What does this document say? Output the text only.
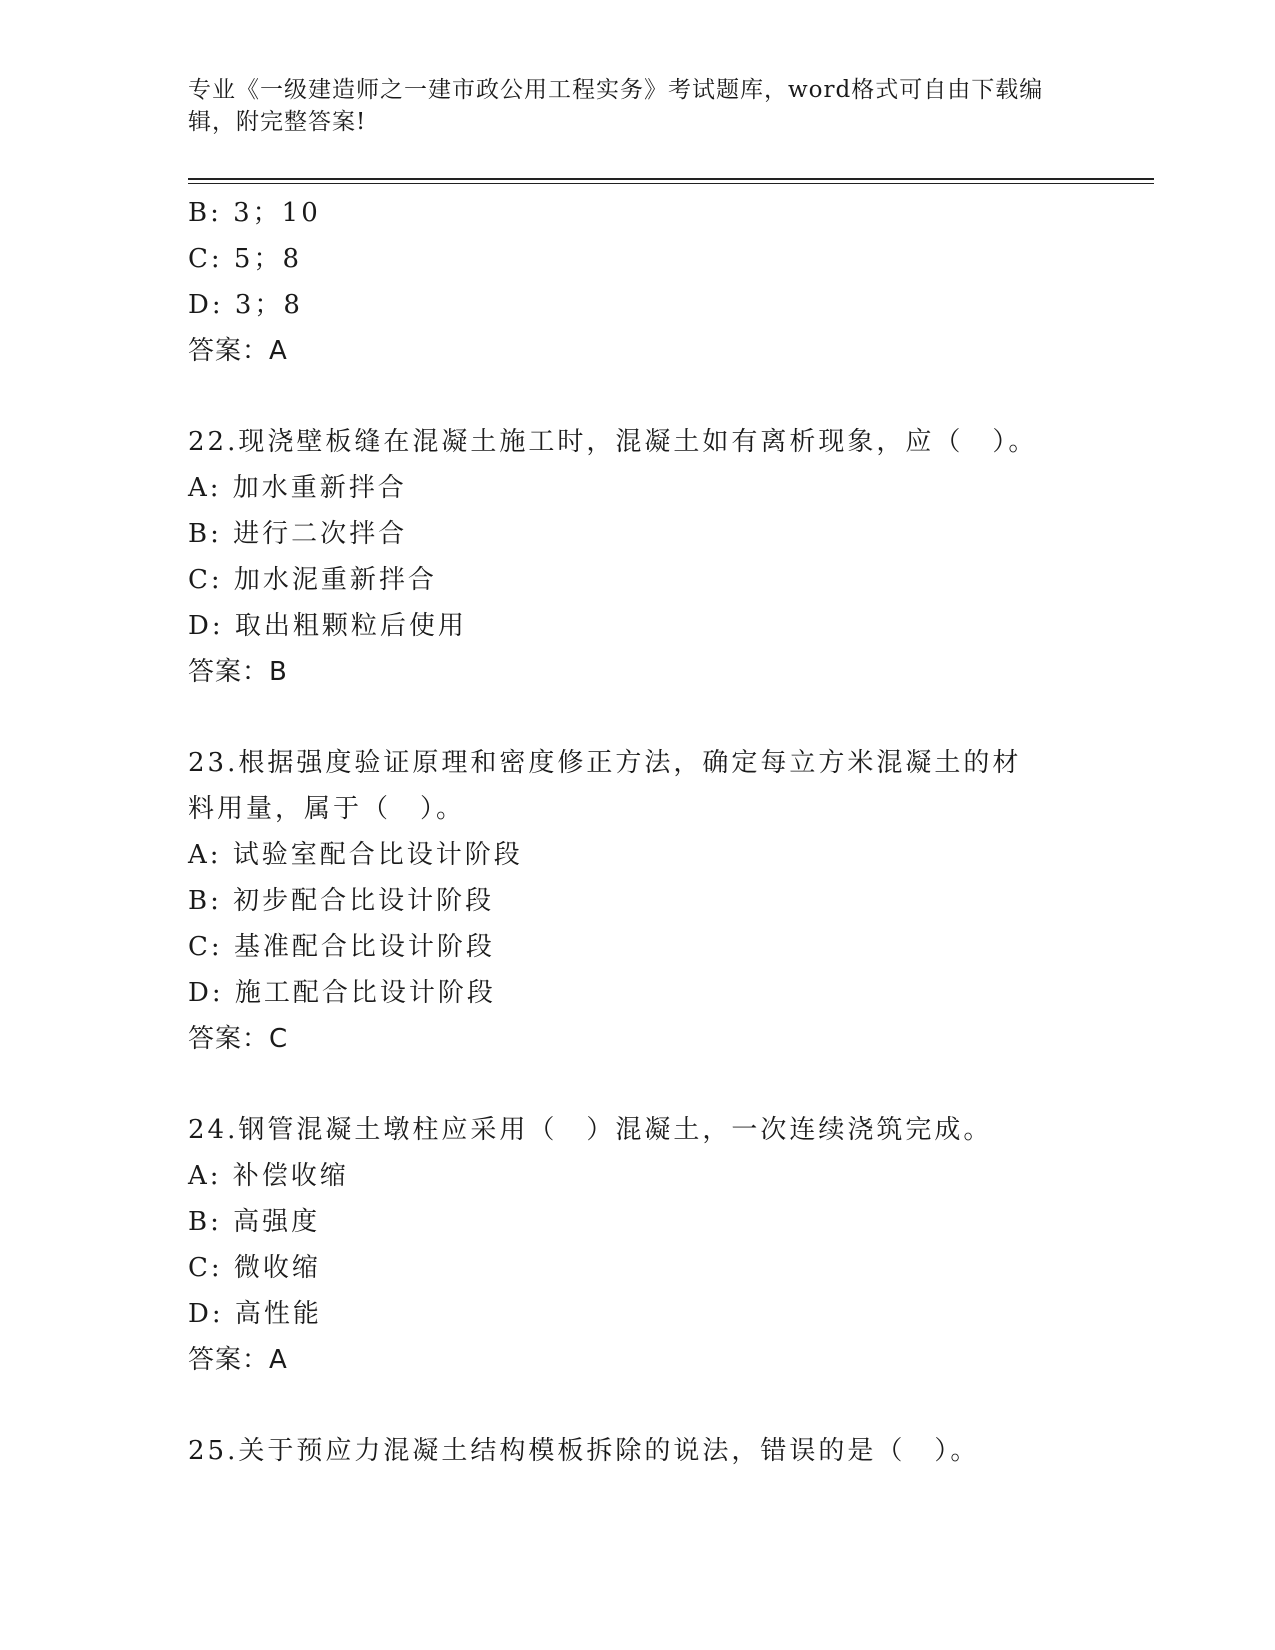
专业《一级建造师之一建市政公用工程实务》考试题库，word格式可自由下载编辑，附完整答案!
B: 3；10
C: 5；8
D: 3；8
答案：A
22.现浇壁板缝在混凝土施工时，混凝土如有离析现象，应（　）。
A: 加水重新拌合
B: 进行二次拌合
C: 加水泥重新拌合
D: 取出粗颗粒后使用
答案：B
23.根据强度验证原理和密度修正方法，确定每立方米混凝土的材料用量，属于（　）。
A: 试验室配合比设计阶段
B: 初步配合比设计阶段
C: 基准配合比设计阶段
D: 施工配合比设计阶段
答案：C
24.钢管混凝土墩柱应采用（　）混凝土，一次连续浇筑完成。
A: 补偿收缩
B: 高强度
C: 微收缩
D: 高性能
答案：A
25.关于预应力混凝土结构模板拆除的说法，错误的是（　）。
